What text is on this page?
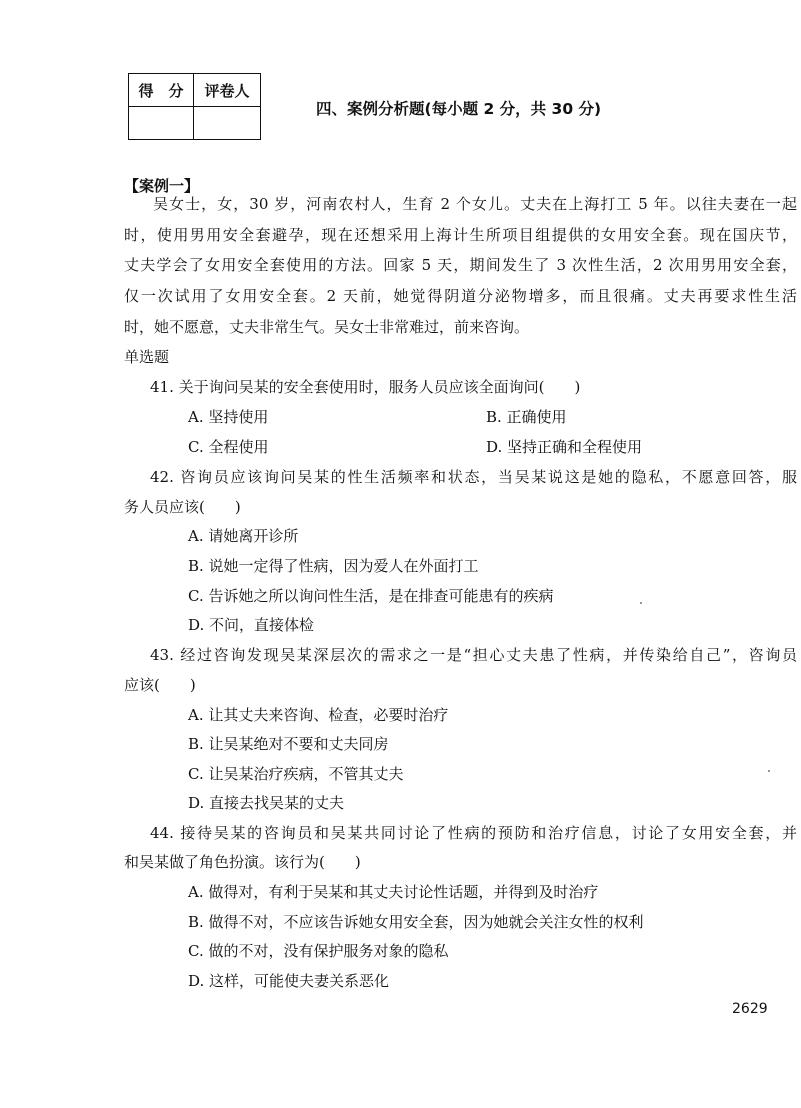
得　分	评卷人

四、案例分析题(每小题 2 分，共 30 分)
【案例一】
吴女士，女，30 岁，河南农村人，生育 2 个女儿。丈夫在上海打工 5 年。以往夫妻在一起
时，使用男用安全套避孕，现在还想采用上海计生所项目组提供的女用安全套。现在国庆节，
丈夫学会了女用安全套使用的方法。回家 5 天，期间发生了 3 次性生活，2 次用男用安全套，
仅一次试用了女用安全套。2 天前，她觉得阴道分泌物增多，而且很痛。丈夫再要求性生活
时，她不愿意，丈夫非常生气。吴女士非常难过，前来咨询。
单选题
41. 关于询问吴某的安全套使用时，服务人员应该全面询问(　　)
A. 坚持使用	B. 正确使用
C. 全程使用	D. 坚持正确和全程使用
42. 咨询员应该询问吴某的性生活频率和状态，当吴某说这是她的隐私，不愿意回答，服
务人员应该(　　)
A. 请她离开诊所
B. 说她一定得了性病，因为爱人在外面打工
C. 告诉她之所以询问性生活，是在排查可能患有的疾病
D. 不问，直接体检
43. 经过咨询发现吴某深层次的需求之一是“担心丈夫患了性病，并传染给自己”，咨询员
应该(　　)
A. 让其丈夫来咨询、检查，必要时治疗
B. 让吴某绝对不要和丈夫同房
C. 让吴某治疗疾病，不管其丈夫
D. 直接去找吴某的丈夫
44. 接待吴某的咨询员和吴某共同讨论了性病的预防和治疗信息，讨论了女用安全套，并
和吴某做了角色扮演。该行为(　　)
A. 做得对，有利于吴某和其丈夫讨论性话题，并得到及时治疗
B. 做得不对，不应该告诉她女用安全套，因为她就会关注女性的权利
C. 做的不对，没有保护服务对象的隐私
D. 这样，可能使夫妻关系恶化
2629
